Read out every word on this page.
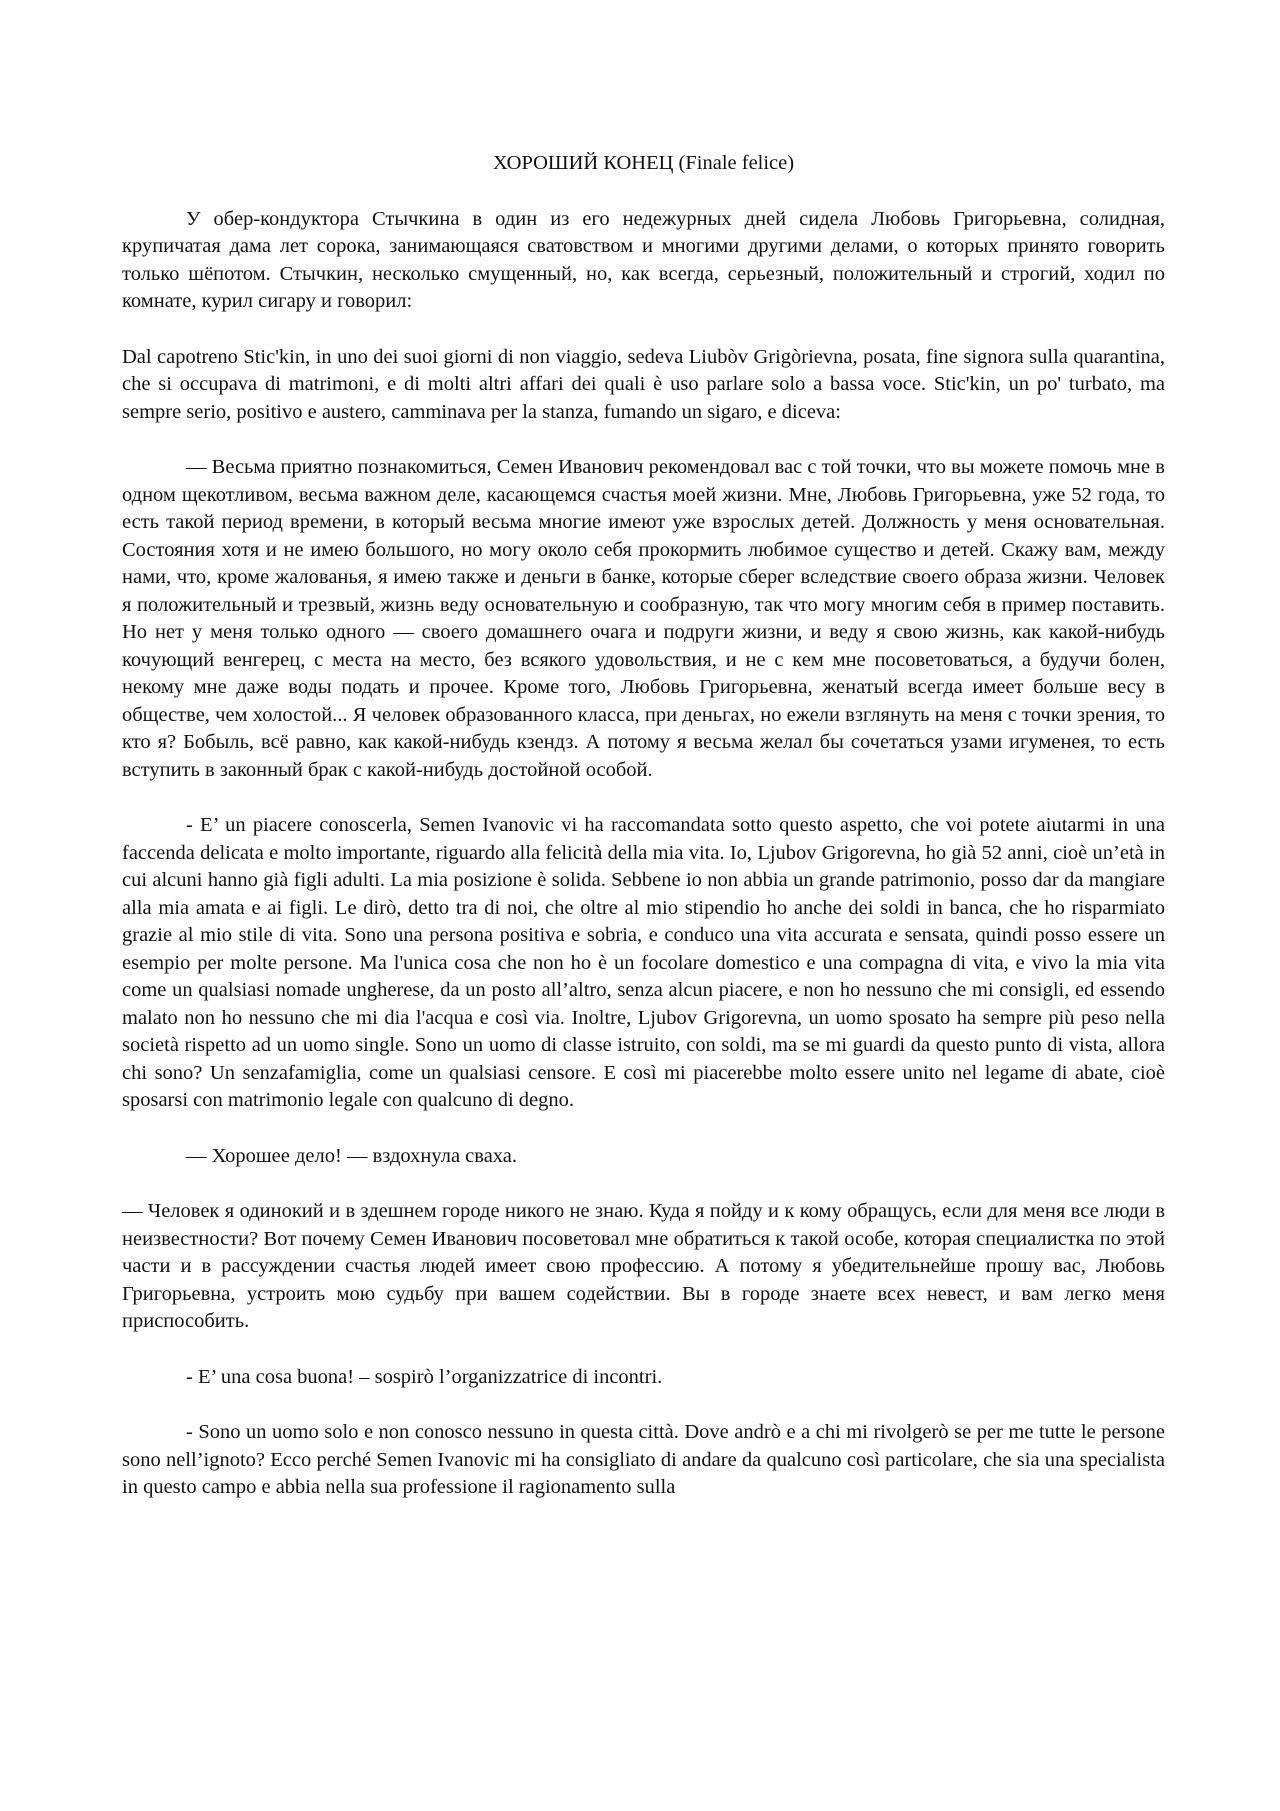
ХОРОШИЙ КОНЕЦ (Finale felice)

У обер-кондуктора Стычкина в один из его недежурных дней сидела Любовь Григорьевна, солидная, крупичатая дама лет сорока, занимающаяся сватовством и многими другими делами, о которых принято говорить только шёпотом. Стычкин, несколько смущенный, но, как всегда, серьезный, положительный и строгий, ходил по комнате, курил сигару и говорил:

Dal capotreno Stic'kin, in uno dei suoi giorni di non viaggio, sedeva Liubòv Grigòrievna, posata, fine signora sulla quarantina, che si occupava di matrimoni, e di molti altri affari dei quali è uso parlare solo a bassa voce. Stic'kin, un po' turbato, ma sempre serio, positivo e austero, camminava per la stanza, fumando un sigaro, e diceva:

— Весьма приятно познакомиться, Семен Иванович рекомендовал вас с той точки, что вы можете помочь мне в одном щекотливом, весьма важном деле, касающемся счастья моей жизни. Мне, Любовь Григорьевна, уже 52 года, то есть такой период времени, в который весьма многие имеют уже взрослых детей. Должность у меня основательная. Состояния хотя и не имею большого, но могу около себя прокормить любимое существо и детей. Скажу вам, между нами, что, кроме жалованья, я имею также и деньги в банке, которые сберег вследствие своего образа жизни. Человек я положительный и трезвый, жизнь веду основательную и сообразную, так что могу многим себя в пример поставить. Но нет у меня только одного — своего домашнего очага и подруги жизни, и веду я свою жизнь, как какой-нибудь кочующий венгерец, с места на место, без всякого удовольствия, и не с кем мне посоветоваться, а будучи болен, некому мне даже воды подать и прочее. Кроме того, Любовь Григорьевна, женатый всегда имеет больше весу в обществе, чем холостой... Я человек образованного класса, при деньгах, но ежели взглянуть на меня с точки зрения, то кто я? Бобыль, всё равно, как какой-нибудь кзендз. А потому я весьма желал бы сочетаться узами игуменея, то есть вступить в законный брак с какой-нибудь достойной особой.

- E’ un piacere conoscerla, Semen Ivanovic vi ha raccomandata sotto questo aspetto, che voi potete aiutarmi in una faccenda delicata e molto importante, riguardo alla felicità della mia vita. Io, Ljubov Grigorevna, ho già 52 anni, cioè un’età in cui alcuni hanno già figli adulti. La mia posizione è solida. Sebbene io non abbia un grande patrimonio, posso dar da mangiare alla mia amata e ai figli. Le dirò, detto tra di noi, che oltre al mio stipendio ho anche dei soldi in banca, che ho risparmiato grazie al mio stile di vita. Sono una persona positiva e sobria, e conduco una vita accurata e sensata, quindi posso essere un esempio per molte persone. Ma l'unica cosa che non ho è un focolare domestico e una compagna di vita, e vivo la mia vita come un qualsiasi nomade ungherese, da un posto all’altro, senza alcun piacere, e non ho nessuno che mi consigli, ed essendo malato non ho nessuno che mi dia l'acqua e così via. Inoltre, Ljubov Grigorevna, un uomo sposato ha sempre più peso nella società rispetto ad un uomo single. Sono un uomo di classe istruito, con soldi, ma se mi guardi da questo punto di vista, allora chi sono? Un senzafamiglia, come un qualsiasi censore. E così mi piacerebbe molto essere unito nel legame di abate, cioè sposarsi con matrimonio legale con qualcuno di degno.

— Хорошее дело! — вздохнула сваха.

— Человек я одинокий и в здешнем городе никого не знаю. Куда я пойду и к кому обращусь, если для меня все люди в неизвестности? Вот почему Семен Иванович посоветовал мне обратиться к такой особе, которая специалистка по этой части и в рассуждении счастья людей имеет свою профессию. А потому я убедительнейше прошу вас, Любовь Григорьевна, устроить мою судьбу при вашем содействии. Вы в городе знаете всех невест, и вам легко меня приспособить.

- E’ una cosa buona! – sospirò l’organizzatrice di incontri.

- Sono un uomo solo e non conosco nessuno in questa città. Dove andrò e a chi mi rivolgerò se per me tutte le persone sono nell’ignoto? Ecco perché Semen Ivanovic mi ha consigliato di andare da qualcuno così particolare, che sia una specialista in questo campo e abbia nella sua professione il ragionamento sulla
